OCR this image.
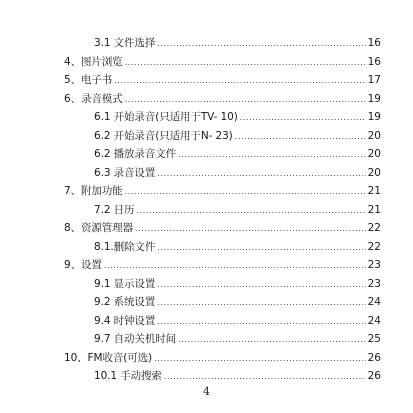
3.1 文件选择 .....	16
4、图片浏览 .....	16
5、电子书 .....	17
6、录音模式 .....	19
6.1 开始录音(只适用于TV- 10) .....	19
6.2 开始录音(只适用于N- 23) .....	20
6.2 播放录音文件 .....	20
6.3 录音设置 .....	20
7、附加功能 .....	21
7.2 日历 .....	21
8、资源管理器 .....	22
8.1.删除文件 .....	22
9、设置 .....	23
9.1 显示设置 .....	23
9.2 系统设置 .....	24
9.4 时钟设置 .....	24
9.7 自动关机时间 .....	25
10、FM收音(可选) .....	26
10.1 手动搜索 .....	26
4
